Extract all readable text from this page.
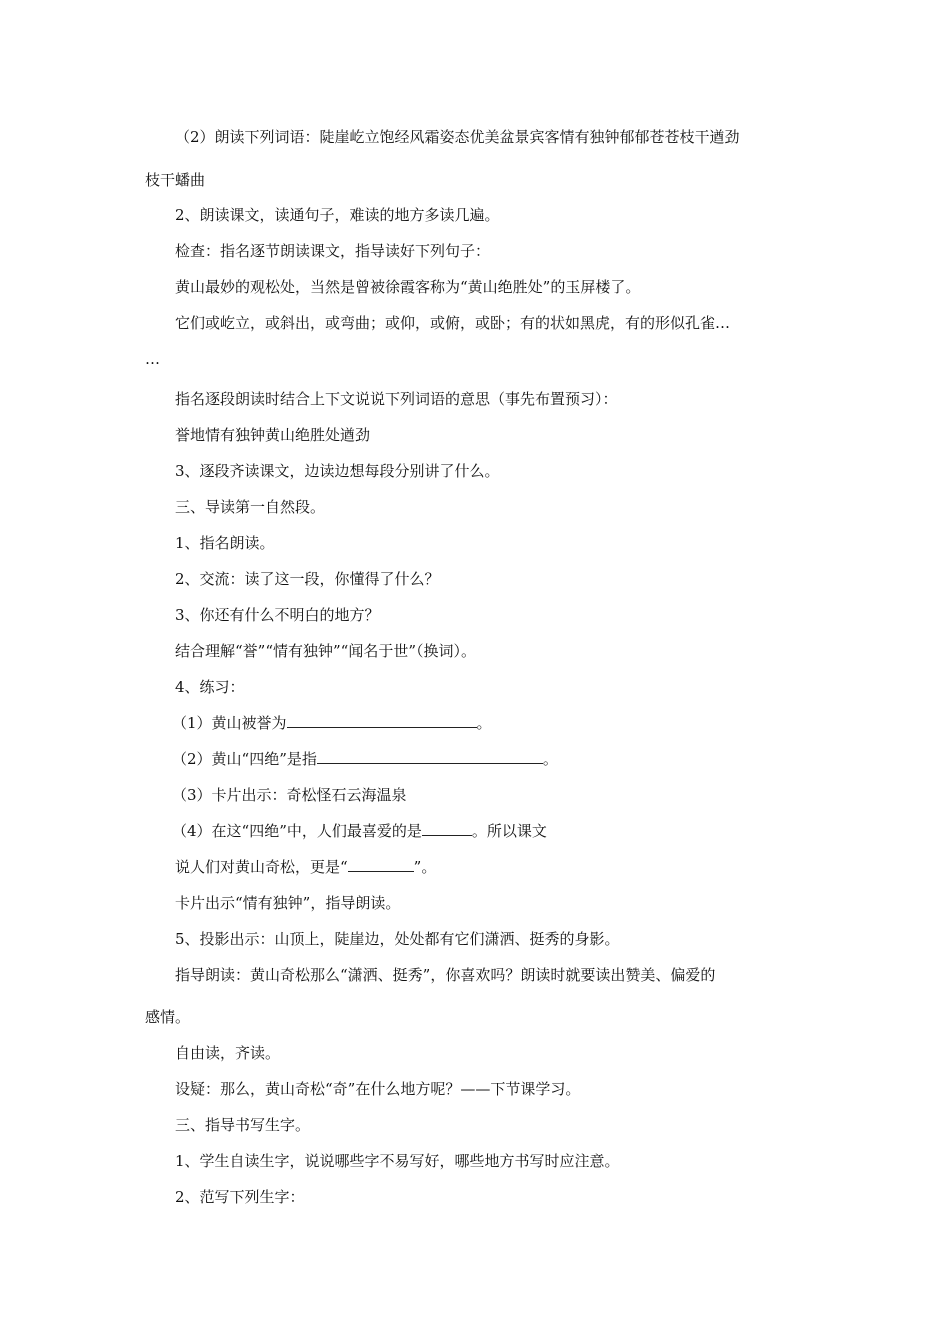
（2）朗读下列词语：陡崖屹立饱经风霜姿态优美盆景宾客情有独钟郁郁苍苍枝干遒劲
枝干蟠曲
2、朗读课文，读通句子，难读的地方多读几遍。
检查：指名逐节朗读课文，指导读好下列句子：
黄山最妙的观松处，当然是曾被徐霞客称为“黄山绝胜处”的玉屏楼了。
它们或屹立，或斜出，或弯曲；或仰，或俯，或卧；有的状如黑虎，有的形似孔雀…
…
指名逐段朗读时结合上下文说说下列词语的意思（事先布置预习）：
誉地情有独钟黄山绝胜处遒劲
3、逐段齐读课文，边读边想每段分别讲了什么。
三、导读第一自然段。
1、指名朗读。
2、交流：读了这一段，你懂得了什么？
3、你还有什么不明白的地方？
结合理解“誉”“情有独钟”“闻名于世”（换词）。
4、练习：
（1）黄山被誉为	。
（2）黄山“四绝”是指	。
（3）卡片出示：奇松怪石云海温泉
（4）在这“四绝”中，人们最喜爱的是	。所以课文
说人们对黄山奇松，更是“	”。
卡片出示“情有独钟”，指导朗读。
5、投影出示：山顶上，陡崖边，处处都有它们潇洒、挺秀的身影。
指导朗读：黄山奇松那么“潇洒、挺秀”，你喜欢吗？朗读时就要读出赞美、偏爱的
感情。
自由读，齐读。
设疑：那么，黄山奇松“奇”在什么地方呢？——下节课学习。
三、指导书写生字。
1、学生自读生字，说说哪些字不易写好，哪些地方书写时应注意。
2、范写下列生字：
